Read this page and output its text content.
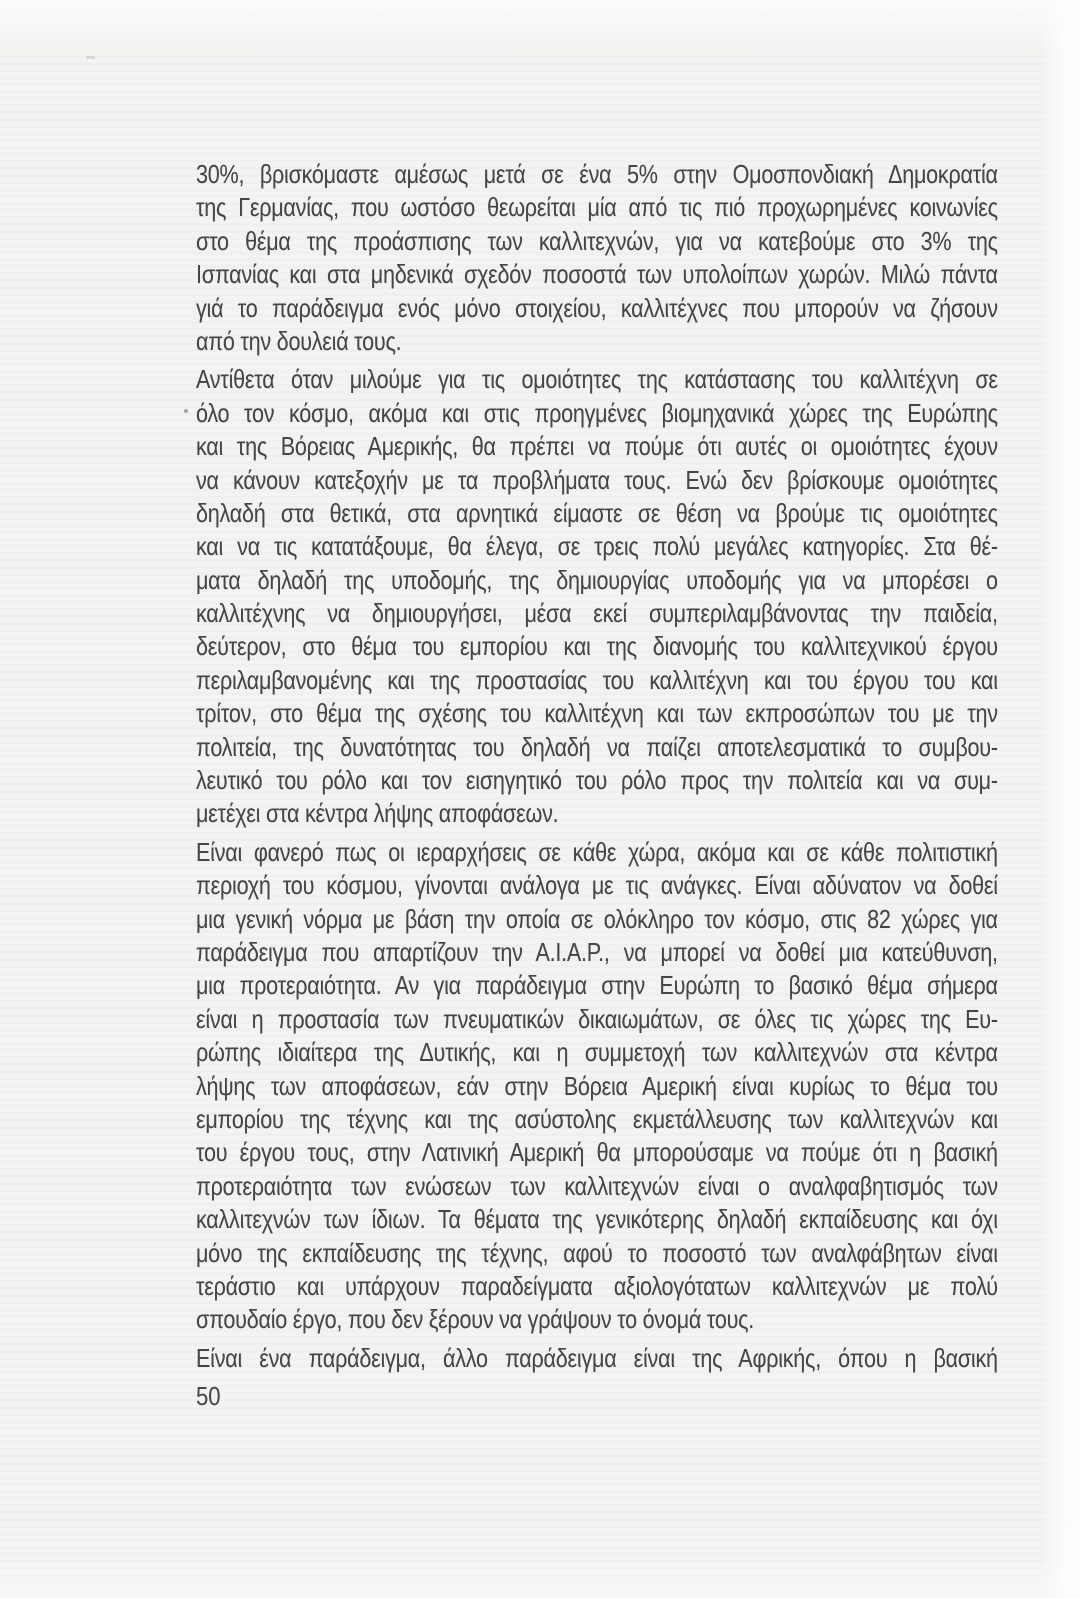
30%, βρισκόμαστε αμέσως μετά σε ένα 5% στην Ομοσπονδιακή Δημοκρατία
της Γερμανίας, που ωστόσο θεωρείται μία από τις πιό προχωρημένες κοινωνίες
στο θέμα της προάσπισης των καλλιτεχνών, για να κατεβούμε στο 3% της
Ισπανίας και στα μηδενικά σχεδόν ποσοστά των υπολοίπων χωρών. Μιλώ πάντα
γιά το παράδειγμα ενός μόνο στοιχείου, καλλιτέχνες που μπορούν να ζήσουν
από την δουλειά τους.
Αντίθετα όταν μιλούμε για τις ομοιότητες της κατάστασης του καλλιτέχνη σε
όλο τον κόσμο, ακόμα και στις προηγμένες βιομηχανικά χώρες της Ευρώπης
και της Βόρειας Αμερικής, θα πρέπει να πούμε ότι αυτές οι ομοιότητες έχουν
να κάνουν κατεξοχήν με τα προβλήματα τους. Ενώ δεν βρίσκουμε ομοιότητες
δηλαδή στα θετικά, στα αρνητικά είμαστε σε θέση να βρούμε τις ομοιότητες
και να τις κατατάξουμε, θα έλεγα, σε τρεις πολύ μεγάλες κατηγορίες. Στα θέ-
ματα δηλαδή της υποδομής, της δημιουργίας υποδομής για να μπορέσει ο
καλλιτέχνης να δημιουργήσει, μέσα εκεί συμπεριλαμβάνοντας την παιδεία,
δεύτερον, στο θέμα του εμπορίου και της διανομής του καλλιτεχνικού έργου
περιλαμβανομένης και της προστασίας του καλλιτέχνη και του έργου του και
τρίτον, στο θέμα της σχέσης του καλλιτέχνη και των εκπροσώπων του με την
πολιτεία, της δυνατότητας του δηλαδή να παίζει αποτελεσματικά το συμβου-
λευτικό του ρόλο και τον εισηγητικό του ρόλο προς την πολιτεία και να συμ-
μετέχει στα κέντρα λήψης αποφάσεων.
Είναι φανερό πως οι ιεραρχήσεις σε κάθε χώρα, ακόμα και σε κάθε πολιτιστική
περιοχή του κόσμου, γίνονται ανάλογα με τις ανάγκες. Είναι αδύνατον να δοθεί
μια γενική νόρμα με βάση την οποία σε ολόκληρο τον κόσμο, στις 82 χώρες για
παράδειγμα που απαρτίζουν την Α.Ι.Α.Ρ., να μπορεί να δοθεί μια κατεύθυνση,
μια προτεραιότητα. Αν για παράδειγμα στην Ευρώπη το βασικό θέμα σήμερα
είναι η προστασία των πνευματικών δικαιωμάτων, σε όλες τις χώρες της Ευ-
ρώπης ιδιαίτερα της Δυτικής, και η συμμετοχή των καλλιτεχνών στα κέντρα
λήψης των αποφάσεων, εάν στην Βόρεια Αμερική είναι κυρίως το θέμα του
εμπορίου της τέχνης και της ασύστολης εκμετάλλευσης των καλλιτεχνών και
του έργου τους, στην Λατινική Αμερική θα μπορούσαμε να πούμε ότι η βασική
προτεραιότητα των ενώσεων των καλλιτεχνών είναι ο αναλφαβητισμός των
καλλιτεχνών των ίδιων. Τα θέματα της γενικότερης δηλαδή εκπαίδευσης και όχι
μόνο της εκπαίδευσης της τέχνης, αφού το ποσοστό των αναλφάβητων είναι
τεράστιο και υπάρχουν παραδείγματα αξιολογότατων καλλιτεχνών με πολύ
σπουδαίο έργο, που δεν ξέρουν να γράψουν το όνομά τους.
Είναι ένα παράδειγμα, άλλο παράδειγμα είναι της Αφρικής, όπου η βασική
50
